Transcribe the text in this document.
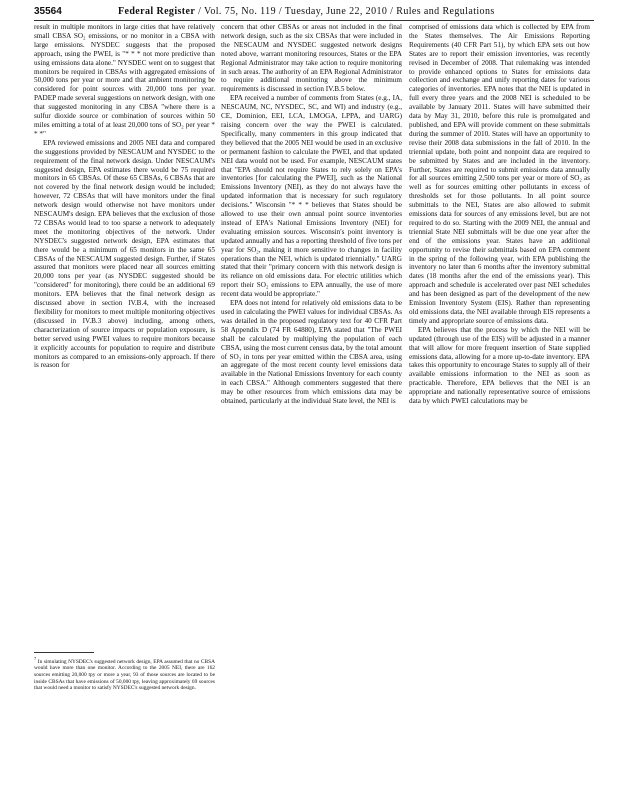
35564	Federal Register / Vol. 75, No. 119 / Tuesday, June 22, 2010 / Rules and Regulations

result in multiple monitors in large cities that have relatively small CBSA SO₂ emissions, or no monitor in a CBSA with large emissions. NYSDEC suggests that the proposed approach, using the PWEI, is "* * * not more predictive than using emissions data alone." NYSDEC went on to suggest that monitors be required in CBSAs with aggregated emissions of 50,000 tons per year or more and that ambient monitoring be considered for point sources with 20,000 tons per year. PADEP made several suggestions on network design, with one that suggested monitoring in any CBSA "where there is a sulfur dioxide source or combination of sources within 50 miles emitting a total of at least 20,000 tons of SO₂ per year * * *"

EPA reviewed emissions and 2005 NEI data and compared the suggestions provided by NESCAUM and NYSDEC to the requirement of the final network design. Under NESCAUM's suggested design, EPA estimates there would be 75 required monitors in 65 CBSAs. Of these 65 CBSAs, 6 CBSAs that are not covered by the final network design would be included; however, 72 CBSAs that will have monitors under the final network design would otherwise not have monitors under NESCAUM's design. EPA believes that the exclusion of those 72 CBSAs would lead to too sparse a network to adequately meet the monitoring objectives of the network. Under NYSDEC's suggested network design, EPA estimates that there would be a minimum of 65 monitors in the same 65 CBSAs of the NESCAUM suggested design. Further, if States assured that monitors were placed near all sources emitting 20,000 tons per year (as NYSDEC suggested should be "considered" for monitoring), there could be an additional 69 monitors. EPA believes that the final network design as discussed above in section IV.B.4, with the increased flexibility for monitors to meet multiple monitoring objectives (discussed in IV.B.3 above) including, among others, characterization of source impacts or population exposure, is better served using PWEI values to require monitors because it explicitly accounts for population to require and distribute monitors as compared to an emissions-only approach. If there is reason for

$^7$ In simulating NYSDEC's suggested network design, EPA assumed that no CBSA would have more than one monitor. According to the 2005 NEI, there are 162 sources emitting 20,000 tpy or more a year, 93 of those sources are located to be inside CBSAs that have emissions of 50,000 tpy, leaving approximately 69 sources that would need a monitor to satisfy NYSDEC's suggested network design.

concern that other CBSAs or areas not included in the final network design, such as the six CBSAs that were included in the NESCAUM and NYSDEC suggested network designs noted above, warrant monitoring resources, States or the EPA Regional Administrator may take action to require monitoring in such areas. The authority of an EPA Regional Administrator to require additional monitoring above the minimum requirements is discussed in section IV.B.5 below.

EPA received a number of comments from States (e.g., IA, NESCAUM, NC, NYSDEC, SC, and WI) and industry (e.g., CE, Dominion, EEI, LCA, LMOGA, LPPA, and UARG) raising concern over the way the PWEI is calculated. Specifically, many commenters in this group indicated that they believed that the 2005 NEI would be used in an exclusive or permanent fashion to calculate the PWEI, and that updated NEI data would not be used. For example, NESCAUM states that "EPA should not require States to rely solely on EPA's inventories [for calculating the PWEI], such as the National Emissions Inventory (NEI), as they do not always have the updated information that is necessary for such regulatory decisions." Wisconsin "* * * believes that States should be allowed to use their own annual point source inventories instead of EPA's National Emissions Inventory (NEI) for evaluating emission sources. Wisconsin's point inventory is updated annually and has a reporting threshold of five tons per year for SO₂, making it more sensitive to changes in facility operations than the NEI, which is updated triennially." UARG stated that their "primary concern with this network design is its reliance on old emissions data. For electric utilities which report their SO₂ emissions to EPA annually, the use of more recent data would be appropriate."

EPA does not intend for relatively old emissions data to be used in calculating the PWEI values for individual CBSAs. As was detailed in the proposed regulatory text for 40 CFR Part 58 Appendix D (74 FR 64880), EPA stated that "The PWEI shall be calculated by multiplying the population of each CBSA, using the most current census data, by the total amount of SO₂ in tons per year emitted within the CBSA area, using an aggregate of the most recent county level emissions data available in the National Emissions Inventory for each county in each CBSA." Although commenters suggested that there may be other resources from which emissions data may be obtained, particularly at the individual State level, the NEI is

comprised of emissions data which is collected by EPA from the States themselves. The Air Emissions Reporting Requirements (40 CFR Part 51), by which EPA sets out how States are to report their emission inventories, was recently revised in December of 2008. That rulemaking was intended to provide enhanced options to States for emissions data collection and exchange and unify reporting dates for various categories of inventories. EPA notes that the NEI is updated in full every three years and the 2008 NEI is scheduled to be available by January 2011. States will have submitted their data by May 31, 2010, before this rule is promulgated and published, and EPA will provide comment on these submittals during the summer of 2010. States will have an opportunity to revise their 2008 data submissions in the fall of 2010. In the triennial update, both point and nonpoint data are required to be submitted by States and are included in the inventory. Further, States are required to submit emissions data annually for all sources emitting 2,500 tons per year or more of SO₂ as well as for sources emitting other pollutants in excess of thresholds set for those pollutants. In all point source submittals to the NEI, States are also allowed to submit emissions data for sources of any emissions level, but are not required to do so. Starting with the 2009 NEI, the annual and triennial State NEI submittals will be due one year after the end of the emissions year. States have an additional opportunity to revise their submittals based on EPA comment in the spring of the following year, with EPA publishing the inventory no later than 6 months after the inventory submittal dates (18 months after the end of the emissions year). This approach and schedule is accelerated over past NEI schedules and has been designed as part of the development of the new Emission Inventory System (EIS). Rather than representing old emissions data, the NEI available through EIS represents a timely and appropriate source of emissions data.

EPA believes that the process by which the NEI will be updated (through use of the EIS) will be adjusted in a manner that will allow for more frequent insertion of State supplied emissions data, allowing for a more up-to-date inventory. EPA takes this opportunity to encourage States to supply all of their available emissions information to the NEI as soon as practicable. Therefore, EPA believes that the NEI is an appropriate and nationally representative source of emissions data by which PWEI calculations may be
